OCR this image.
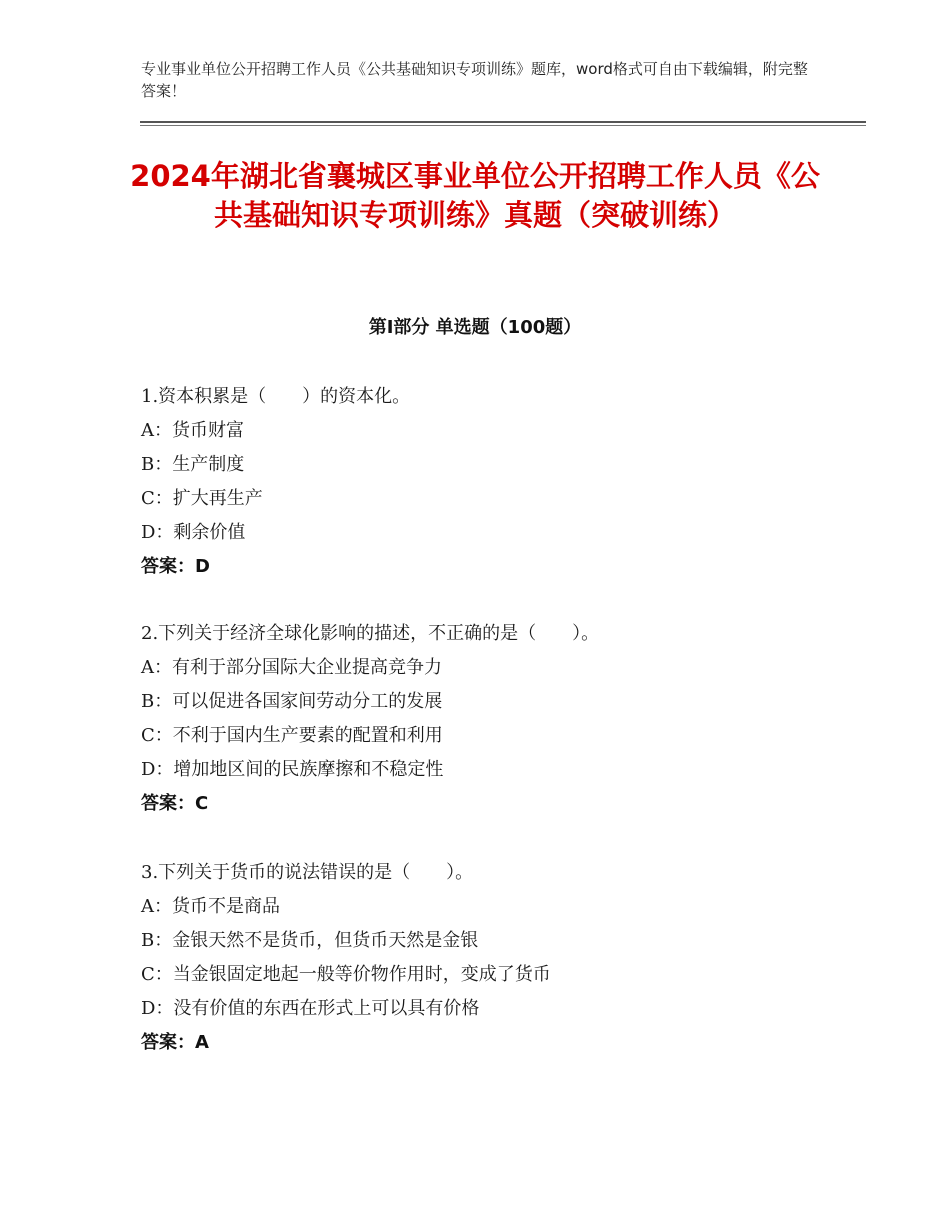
专业事业单位公开招聘工作人员《公共基础知识专项训练》题库，word格式可自由下载编辑，附完整答案！

2024年湖北省襄城区事业单位公开招聘工作人员《公共基础知识专项训练》真题（突破训练）
第Ⅰ部分 单选题（100题）

1.资本积累是（　　）的资本化。

A：货币财富

B：生产制度

C：扩大再生产

D：剩余价值

答案：D

2.下列关于经济全球化影响的描述，不正确的是（　　）。

A：有利于部分国际大企业提高竞争力

B：可以促进各国家间劳动分工的发展

C：不利于国内生产要素的配置和利用

D：增加地区间的民族摩擦和不稳定性

答案：C

3.下列关于货币的说法错误的是（　　）。

A：货币不是商品

B：金银天然不是货币，但货币天然是金银

C：当金银固定地起一般等价物作用时，变成了货币

D：没有价值的东西在形式上可以具有价格

答案：A
